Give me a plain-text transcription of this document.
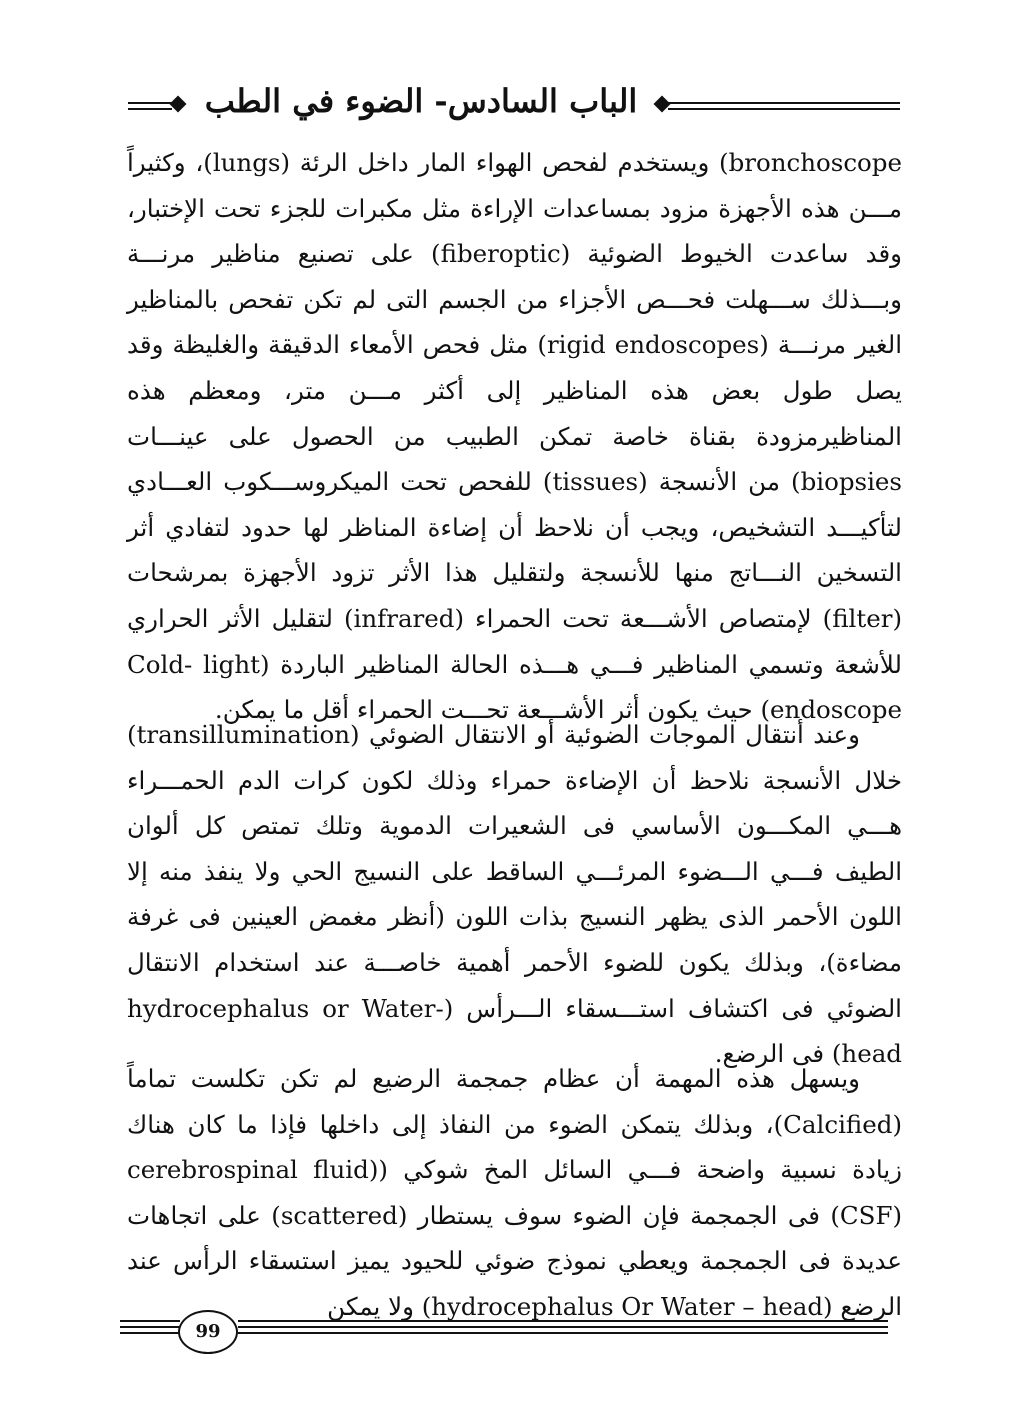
الباب السادس- الضوء في الطب

bronchoscope) ويستخدم لفحص الهواء المار داخل الرئة (lungs)، وكثيراً مـــن هذه الأجهزة مزود بمساعدات الإراءة مثل مكبرات للجزء تحت الإختبار، وقد ساعدت الخيوط الضوئية (fiberoptic) على تصنيع مناظير مرنـــة وبـــذلك ســـهلت فحـــص الأجزاء من الجسم التى لم تكن تفحص بالمناظير الغير مرنـــة (rigid endoscopes) مثل فحص الأمعاء الدقيقة والغليظة وقد يصل طول بعض هذه المناظير إلى أكثر مـــن متر، ومعظم هذه المناظيرمزودة بقناة خاصة تمكن الطبيب من الحصول على عينـــات biopsies) من الأنسجة (tissues) للفحص تحت الميكروســـكوب العـــادي لتأكيـــد التشخيص، ويجب أن نلاحظ أن إضاءة المناظر لها حدود لتفادي أثر التسخين النـــاتج منها للأنسجة ولتقليل هذا الأثر تزود الأجهزة بمرشحات (filter) لإمتصاص الأشـــعة تحت الحمراء (infrared) لتقليل الأثر الحراري للأشعة وتسمي المناظير فـــي هـــذه الحالة المناظير الباردة (Cold- light endoscope) حيث يكون أثر الأشـــعة تحـــت الحمراء أقل ما يمكن.

وعند أنتقال الموجات الضوئية أو الانتقال الضوئي (transillumination) خلال الأنسجة نلاحظ أن الإضاءة حمراء وذلك لكون كرات الدم الحمـــراء هـــي المكـــون الأساسي فى الشعيرات الدموية وتلك تمتص كل ألوان الطيف فـــي الـــضوء المرئـــي الساقط على النسيج الحي ولا ينفذ منه إلا اللون الأحمر الذى يظهر النسيج بذات اللون (أنظر مغمض العينين فى غرفة مضاءة)، وبذلك يكون للضوء الأحمر أهمية خاصـــة عند استخدام الانتقال الضوئي فى اكتشاف استـــسقاء الـــرأس (hydrocephalus or Water- head) فى الرضع.

ويسهل هذه المهمة أن عظام جمجمة الرضيع لم تكن تكلست تماماً (Calcified)، وبذلك يتمكن الضوء من النفاذ إلى داخلها فإذا ما كان هناك زيادة نسبية واضحة فـــي السائل المخ شوكي ((cerebrospinal fluid (CSF) فى الجمجمة فإن الضوء سوف يستطار (scattered) على اتجاهات عديدة فى الجمجمة ويعطي نموذج ضوئي للحيود يميز استسقاء الرأس عند الرضع (hydrocephalus Or Water – head) ولا يمكن

99
